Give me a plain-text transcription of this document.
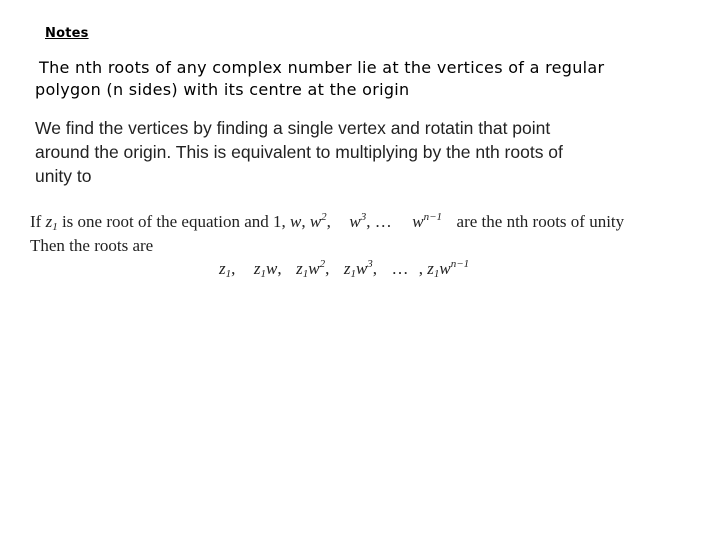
Notes
The nth roots of any complex number lie at the vertices of a regular
polygon (n sides) with its centre at the origin
We find the vertices by finding a single vertex and rotatin that point
around the origin. This is equivalent to multiplying by the nth roots of
unity to
If $z_1$ is one root of the equation and 1, w, $w^2$, $w^3$, … $w^{n-1}$ are the nth roots of unity
Then the roots are
$z_1$, $z_1w$, $z_1w^2$, $z_1w^3$, … , $z_1w^{n-1}$
